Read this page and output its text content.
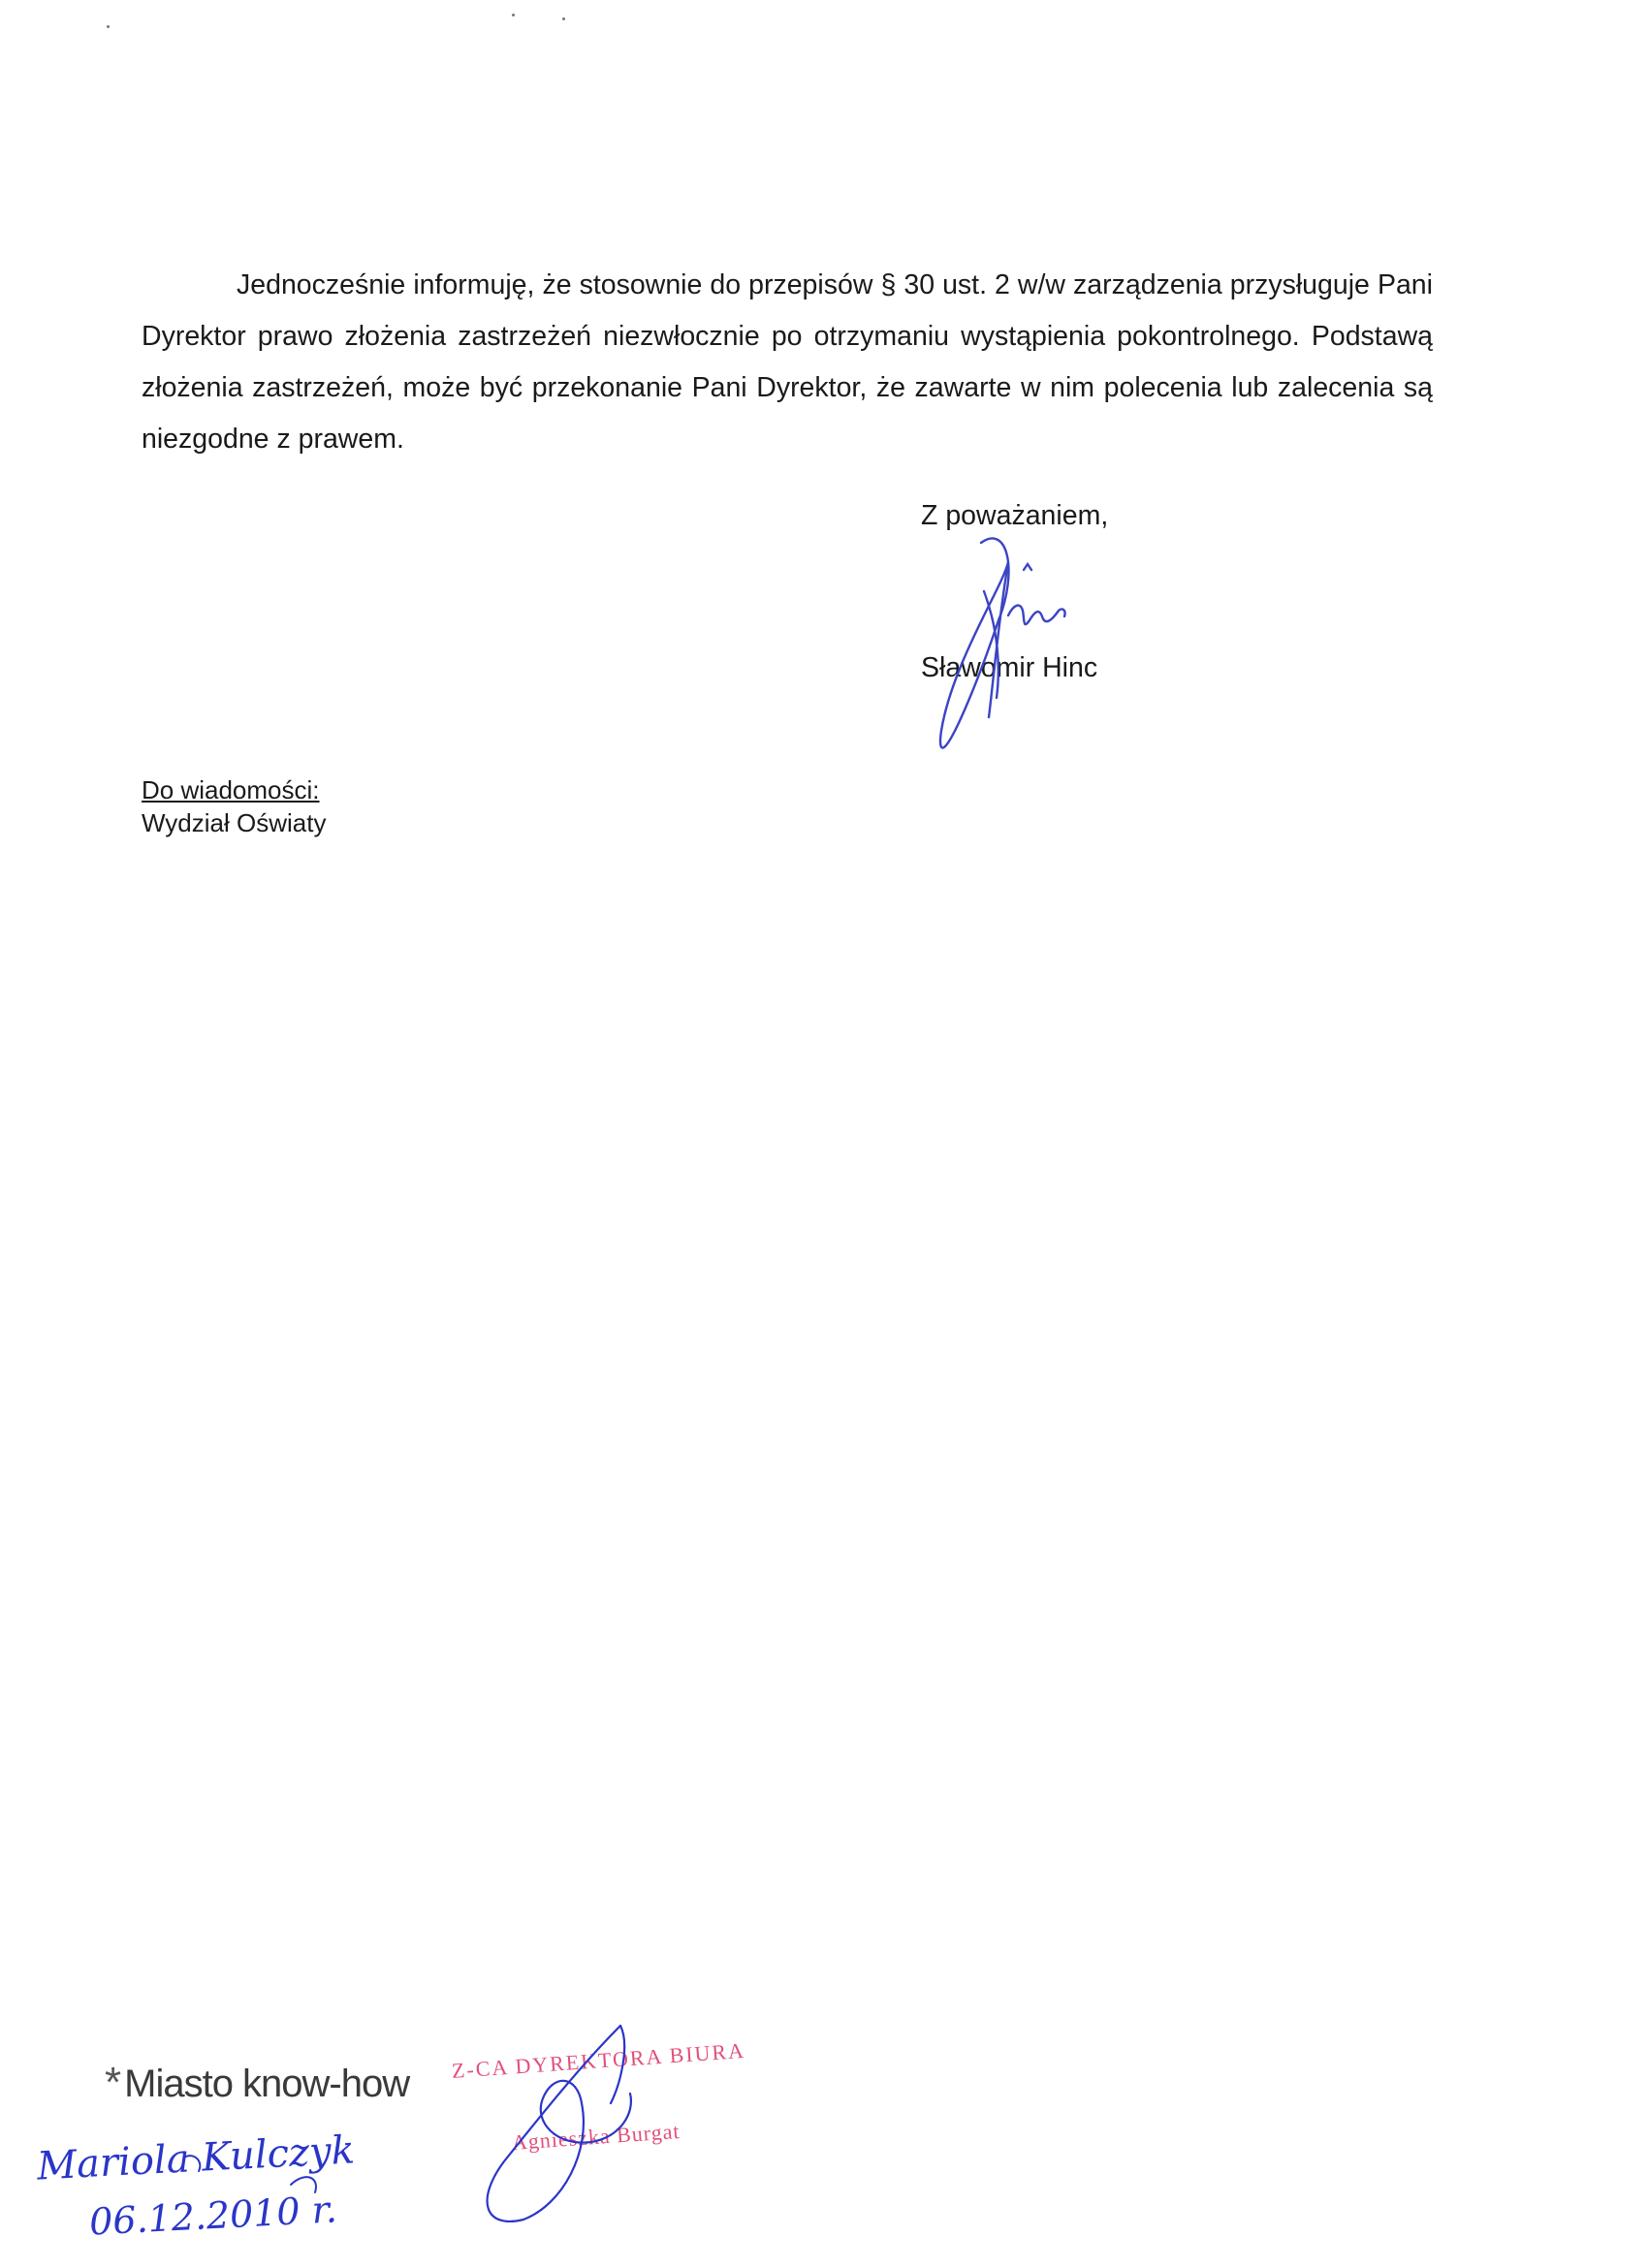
Jednocześnie informuję, że stosownie do przepisów § 30 ust. 2 w/w zarządzenia przysługuje Pani Dyrektor prawo złożenia zastrzeżeń niezwłocznie po otrzymaniu wystąpienia pokontrolnego. Podstawą złożenia zastrzeżeń, może być przekonanie Pani Dyrektor, że zawarte w nim polecenia lub zalecenia są niezgodne z prawem.

Z poważaniem,
Sławomir Hinc
Do wiadomości:
Wydział Oświaty
* Miasto know-how
Z-CA DYREKTORA BIURA
Agnieszka Burgat
Mariola Kulczyk
06.12.2010 r.
